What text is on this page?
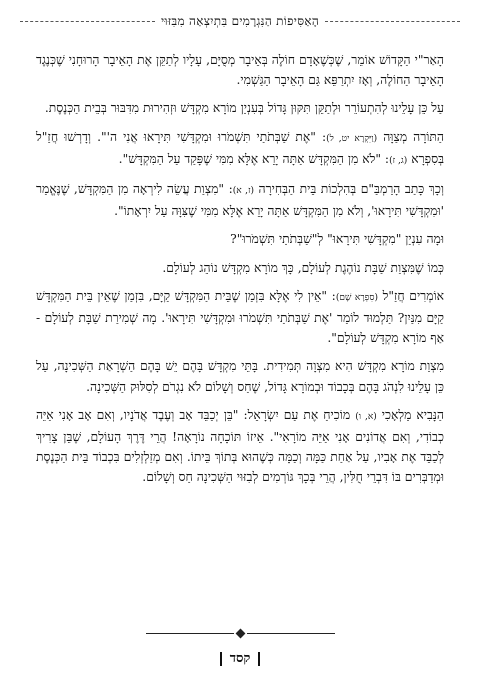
הָאַסִּיפוֹת הַנִּגְרָמִים בִּתְיִצְאַה מִבִּזּוּי

הָאַר"י הַקָּדוֹשׁ אוֹמֵר, שֶׁכְּשֶׁאָדָם חוֹלֶה בְּאֵיבָר מְסֻיָּם, עָלָיו לְתַקֵּן אֶת הָאֵיבָר הָרוּחָנִי שֶׁכְּנֶגֶד הָאֵיבָר הַחוֹלֶה, וְאָז יִתְרַפֵּא גַּם הָאֵיבָר הַגַּשְׁמִי.

עַל כֵּן עָלֵינוּ לְהִתְעוֹרֵר וּלְתַקֵּן תִּקּוּן גָּדוֹל בְּעִנְיַן מוֹרָא מִקְדָּשׁ וּזְהִירוּת מִדִּבּוּר בְּבֵית הַכְּנֶסֶת.

הַתּוֹרָה מְצַוָּה (וַיִּקְרָא יט, ל): "אֶת שַׁבְּתֹתַי תִּשְׁמֹרוּ וּמִקְדָּשִׁי תִּירָאוּ אֲנִי ה'". וְדָרְשׁוּ חֲזַ"ל בְּסִפְרָא (ג, ז): "לֹא מִן הַמִּקְדָּשׁ אַתָּה יָרֵא אֶלָּא מִמִּי שֶׁפָּקַד עַל הַמִּקְדָּשׁ".

וְכָךְ כָּתַב הָרַמְבַּ"ם בְּהִלְכוֹת בֵּית הַבְּחִירָה (ז, א): "מִצְוַת עֲשֵׂה לִירְאָה מִן הַמִּקְדָּשׁ, שֶׁנֶּאֱמַר 'וּמִקְדָּשִׁי תִּירָאוּ', וְלֹא מִן הַמִּקְדָּשׁ אַתָּה יָרֵא אֶלָּא מִמִּי שֶׁצִּוָּה עַל יִרְאָתוֹ".

וּמָה עִנְיַן "מִקְדָּשִׁי תִּירָאוּ" לְ"שַׁבְּתֹתַי תִּשְׁמֹרוּ"?

כְּמוֹ שֶׁמִּצְוַת שַׁבָּת נוֹהֶגֶת לְעוֹלָם, כָּךְ מוֹרָא מִקְדָּשׁ נוֹהֵג לְעוֹלָם.

אוֹמְרִים חֲזַ"ל (סִפְרָא שָׁם): "אֵין לִי אֶלָּא בִּזְמַן שֶׁבֵּית הַמִּקְדָּשׁ קַיָּם, בִּזְמַן שֶׁאֵין בֵּית הַמִּקְדָּשׁ קַיָּם מִנַּיִן? תַּלְמוּד לוֹמַר 'אֶת שַׁבְּתֹתַי תִּשְׁמֹרוּ וּמִקְדָּשִׁי תִּירָאוּ'. מָה שְׁמִירַת שַׁבָּת לְעוֹלָם - אַף מוֹרָא מִקְדָּשׁ לְעוֹלָם".

מִצְוַת מוֹרָא מִקְדָּשׁ הִיא מִצְוָה תְּמִידִית. בָּתֵּי מִקְדָּשׁ בָּהֶם יֵשׁ בָּהֶם הַשְׁרָאַת הַשְּׁכִינָה, עַל כֵּן עָלֵינוּ לִנְהֹג בָּהֶם בְּכָבוֹד וּבְמוֹרָא גָּדוֹל, שֶׁחַס וְשָׁלוֹם לֹא נִגְרֹם לְסִלּוּק הַשְּׁכִינָה.

הַנָּבִיא מַלְאָכִי (א, ו) מוֹכִיחַ אֶת עַם יִשְׂרָאֵל: "בֵּן יְכַבֵּד אָב וְעֶבֶד אֲדֹנָיו, וְאִם אָב אָנִי אַיֵּה כְבוֹדִי, וְאִם אֲדוֹנִים אָנִי אַיֵּה מוֹרָאִי". אֵיזוֹ תּוֹכָחָה נוֹרָאָה! הֲרֵי דֶּרֶךְ הָעוֹלָם, שֶׁבֵּן צָרִיךְ לְכַבֵּד אֶת אָבִיו, עַל אַחַת כַּמָּה וְכַמָּה כְּשֶׁהוּא בְּתוֹךְ בֵּיתוֹ. וְאִם מְזַלְזְלִים בִּכְבוֹד בֵּית הַכְּנֶסֶת וּמְדַבְּרִים בּוֹ דִּבְרֵי חֻלִּין, הֲרֵי בְּכָךְ גּוֹרְמִים לְבִזּוּי הַשְּׁכִינָה חַס וְשָׁלוֹם.

קסד
